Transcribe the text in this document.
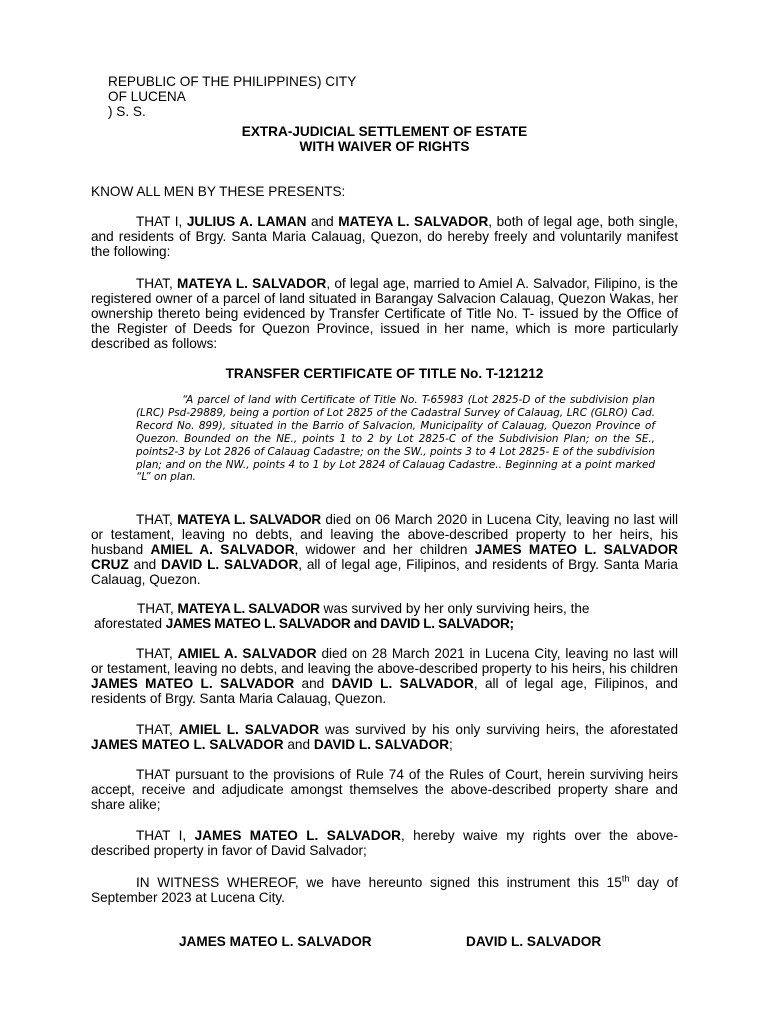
REPUBLIC OF THE PHILIPPINES) CITY
OF LUCENA
) S. S.
EXTRA-JUDICIAL SETTLEMENT OF ESTATE
WITH WAIVER OF RIGHTS

KNOW ALL MEN BY THESE PRESENTS:

THAT I, JULIUS A. LAMAN and MATEYA L. SALVADOR, both of legal age, both single, and residents of Brgy. Santa Maria Calauag, Quezon, do hereby freely and voluntarily manifest the following:

THAT, MATEYA L. SALVADOR, of legal age, married to Amiel A. Salvador, Filipino, is the registered owner of a parcel of land situated in Barangay Salvacion Calauag, Quezon Wakas, her ownership thereto being evidenced by Transfer Certificate of Title No. T- issued by the Office of the Register of Deeds for Quezon Province, issued in her name, which is more particularly described as follows:

TRANSFER CERTIFICATE OF TITLE No. T-121212

“A parcel of land with Certificate of Title No. T-65983 (Lot 2825-D of the subdivision plan (LRC) Psd-29889, being a portion of Lot 2825 of the Cadastral Survey of Calauag, LRC (GLRO) Cad. Record No. 899), situated in the Barrio of Salvacion, Municipality of Calauag, Quezon Province of Quezon. Bounded on the NE., points 1 to 2 by Lot 2825-C of the Subdivision Plan; on the SE., points2-3 by Lot 2826 of Calauag Cadastre; on the SW., points 3 to 4 Lot 2825- E of the subdivision plan; and on the NW., points 4 to 1 by Lot 2824 of Calauag Cadastre.. Beginning at a point marked “L” on plan.

THAT, MATEYA L. SALVADOR died on 06 March 2020 in Lucena City, leaving no last will or testament, leaving no debts, and leaving the above-described property to her heirs, his husband AMIEL A. SALVADOR, widower and her children JAMES MATEO L. SALVADOR CRUZ and DAVID L. SALVADOR, all of legal age, Filipinos, and residents of Brgy. Santa Maria Calauag, Quezon.

THAT, MATEYA L. SALVADOR was survived by her only surviving heirs, the
aforestated JAMES MATEO L. SALVADOR and DAVID L. SALVADOR;

THAT, AMIEL A. SALVADOR died on 28 March 2021 in Lucena City, leaving no last will or testament, leaving no debts, and leaving the above-described property to his heirs, his children JAMES MATEO L. SALVADOR and DAVID L. SALVADOR, all of legal age, Filipinos, and residents of Brgy. Santa Maria Calauag, Quezon.

THAT, AMIEL L. SALVADOR was survived by his only surviving heirs, the aforestated JAMES MATEO L. SALVADOR and DAVID L. SALVADOR;

THAT pursuant to the provisions of Rule 74 of the Rules of Court, herein surviving heirs accept, receive and adjudicate amongst themselves the above-described property share and share alike;

THAT I, JAMES MATEO L. SALVADOR, hereby waive my rights over the above-described property in favor of David Salvador;

IN WITNESS WHEREOF, we have hereunto signed this instrument this 15th day of September 2023 at Lucena City.

JAMES MATEO L. SALVADOR	DAVID L. SALVADOR
